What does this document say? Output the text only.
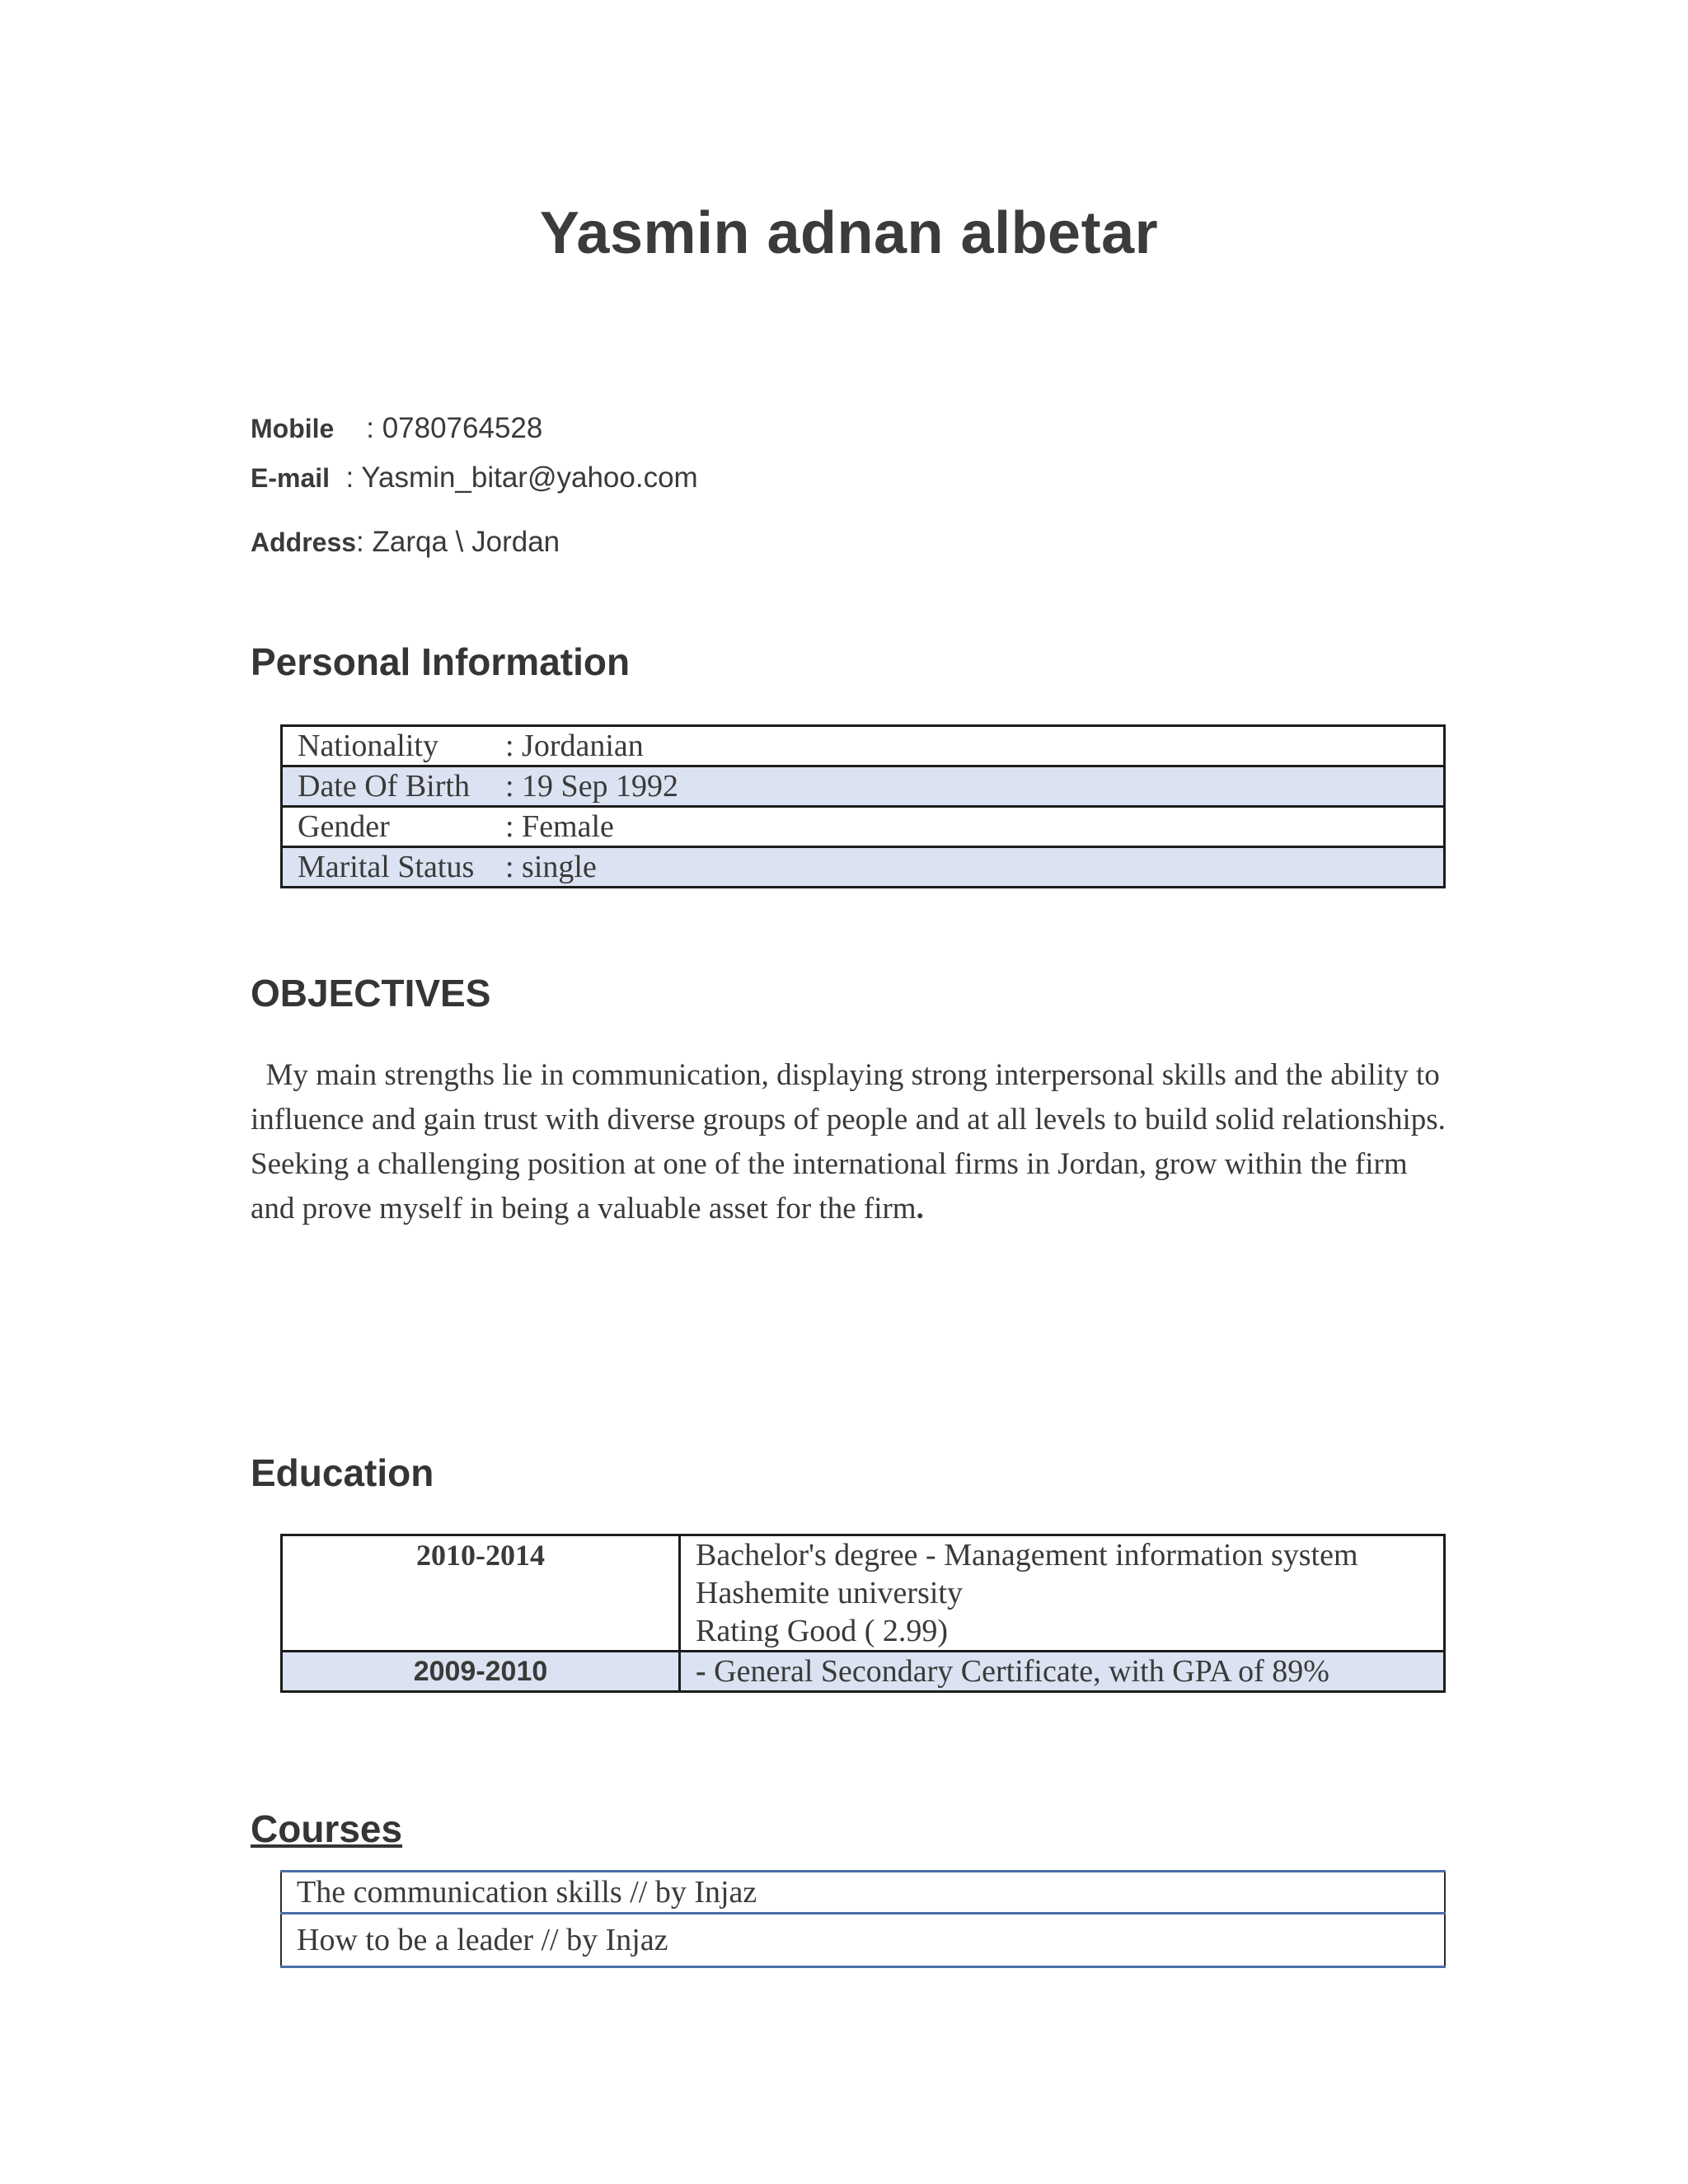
Yasmin adnan albetar
Mobile    : 0780764528
E-mail  : Yasmin_bitar@yahoo.com
Address: Zarqa \ Jordan
Personal Information
Nationality : Jordanian
Date Of Birth : 19 Sep 1992
Gender	: Female
Marital Status : single
OBJECTIVES
My main strengths lie in communication, displaying strong interpersonal skills and the ability to influence and gain trust with diverse groups of people and at all levels to build solid relationships. Seeking a challenging position at one of the international firms in Jordan, grow within the firm and prove myself in being a valuable asset for the firm.
Education
2010-2014	Bachelor's degree - Management information system
Hashemite university
Rating Good ( 2.99)

2009-2010	- General Secondary Certificate, with GPA of 89%
Courses
The communication skills // by Injaz
How to be a leader // by Injaz
